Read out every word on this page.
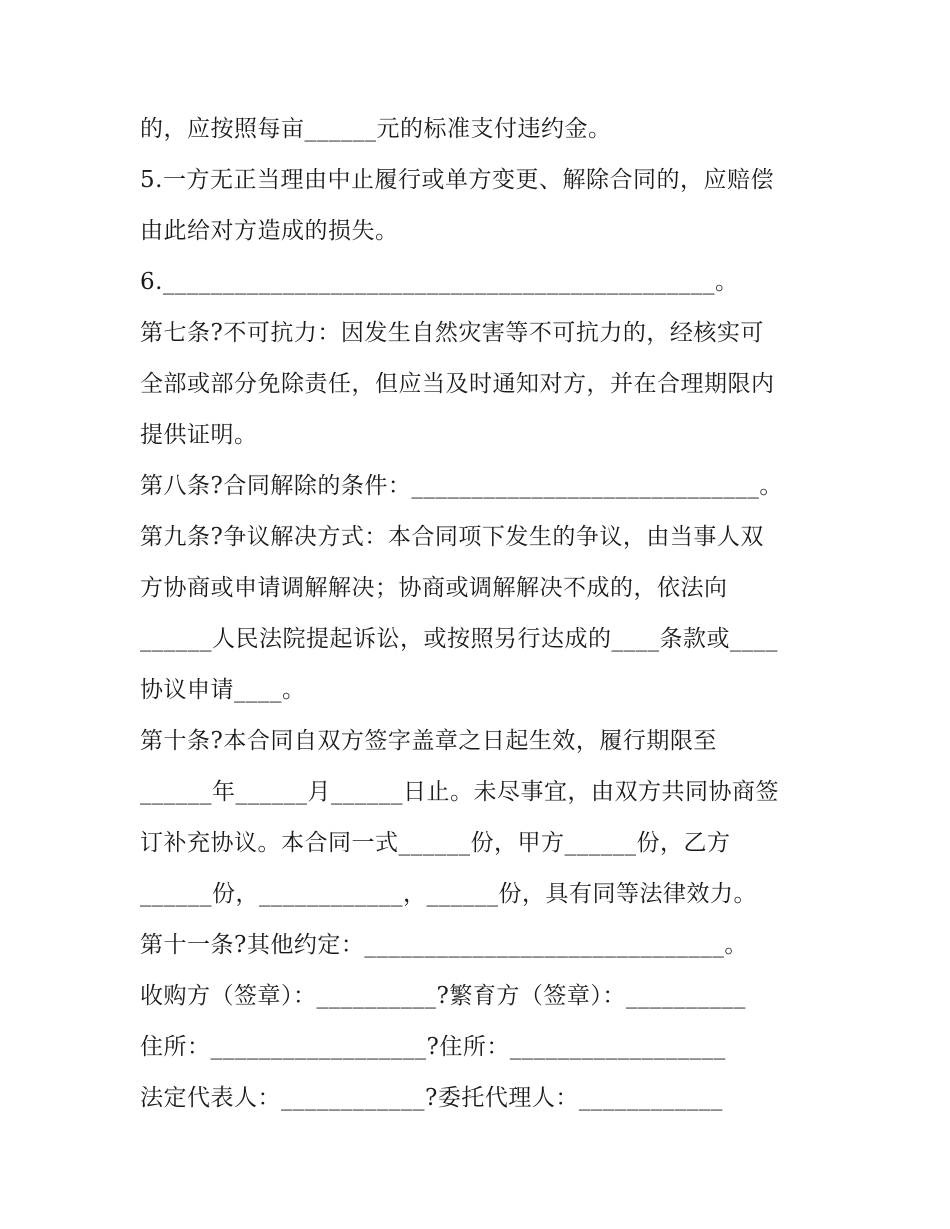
的，应按照每亩______元的标准支付违约金。
5.一方无正当理由中止履行或单方变更、解除合同的，应赔偿
由此给对方造成的损失。
6.______________________________________________。
第七条?不可抗力：因发生自然灾害等不可抗力的，经核实可
全部或部分免除责任，但应当及时通知对方，并在合理期限内
提供证明。
第八条?合同解除的条件：_____________________________。
第九条?争议解决方式：本合同项下发生的争议，由当事人双
方协商或申请调解解决；协商或调解解决不成的，依法向
______人民法院提起诉讼，或按照另行达成的____条款或____
协议申请____。
第十条?本合同自双方签字盖章之日起生效，履行期限至
______年______月______日止。未尽事宜，由双方共同协商签
订补充协议。本合同一式______份，甲方______份，乙方
______份，____________，______份，具有同等法律效力。
第十一条?其他约定：______________________________。
收购方（签章）：__________?繁育方（签章）：__________
住所：__________________?住所：__________________
法定代表人：____________?委托代理人：____________
